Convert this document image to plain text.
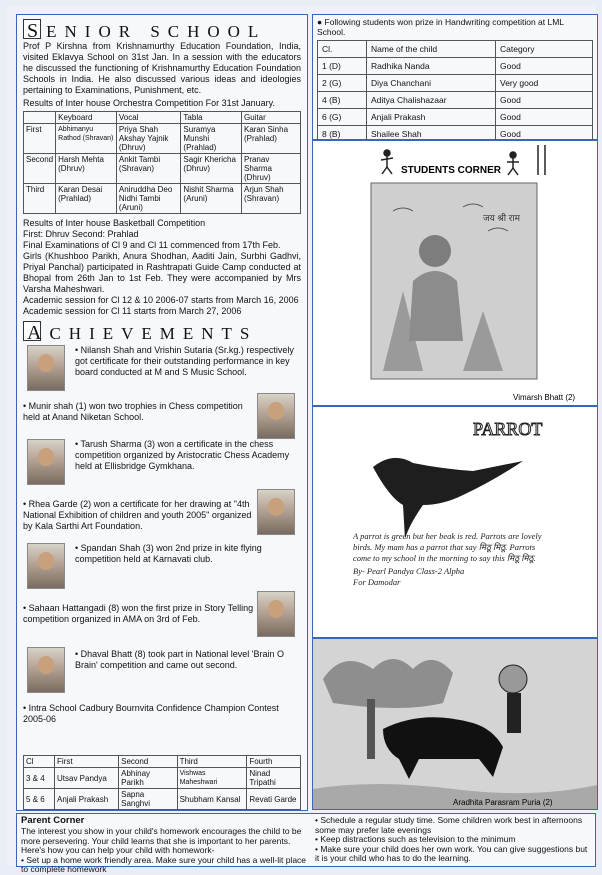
SENIOR SCHOOL
Prof P Kirshna from Krishnamurthy Education Foundation, India, visited Eklavya School on 31st Jan. In a session with the educators he discussed the functioning of Krishnamurthy Education Foundation Schools in India. He also discussed various ideas and ideologies pertaining to Examinations, Punishment, etc.
Results of Inter house Orchestra Competition For 31st January.
	Keyboard	Vocal	Tabla	Guitar
First	Abhimanyu Rathod (Shravan)	Priya Shah Akshay Yajnik (Dhruv)	Suramya Munshi (Prahlad)	Karan Sinha (Prahlad)
Second	Harsh Mehta (Dhruv)	Ankit Tambi (Shravan)	Sagir Khericha (Dhruv)	Pranav Sharma (Dhruv)
Third	Karan Desai (Prahlad)	Aniruddha Deo Nidhi Tambi (Aruni)	Nishit Sharma (Aruni)	Arjun Shah (Shravan)
Results of Inter house Basketball Competition
First: Dhruv Second: Prahlad
Final Examinations of Cl 9 and Cl 11 commenced from 17th Feb.
Girls (Khushboo Parikh, Anura Shodhan, Aaditi Jain, Surbhi Gadhvi, Priyal Panchal) participated in Rashtrapati Guide Camp conducted at Bhopal from 26th Jan to 1st Feb. They were accompanied by Mrs Varsha Maheshwari.
Academic session for Cl 12 & 10 2006-07 starts from March 16, 2006
Academic session for Cl 11 starts from March 27, 2006
ACHIEVEMENTS
• Nilansh Shah and Vrishin Sutaria (Sr.kg.) respectively got certificate for their outstanding performance in key board conducted at M and S Music School.
• Munir shah (1) won two trophies in Chess competition held at Anand Niketan School.
• Tarush Sharma (3) won a certificate in the chess competition organized by Aristocratic Chess Academy held at Ellisbridge Gymkhana.
• Rhea Garde (2) won a certificate for her drawing at "4th National Exhibition of children and youth 2005" organized by Kala Sarthi Art Foundation.
• Spandan Shah (3) won 2nd prize in kite flying competition held at Karnavati club.
• Sahaan Hattangadi (8) won the first prize in Story Telling competition organized in AMA on 3rd of Feb.
• Dhaval Bhatt (8) took part in National level 'Brain O Brain' competition and came out second.
• Intra School Cadbury Bournvita Confidence Champion Contest 2005-06
Cl	First	Second	Third	Fourth
3 & 4	Utsav Pandya	Abhinay Parikh	Vishwas Maheshwari	Ninad Tripathi
5 & 6	Anjali Prakash	Sapna Sanghvi	Shubham Kansal	Revati Garde

● Following students won prize in Handwriting competition at LML School.
Cl.	Name of the child	Category
1 (D)	Radhika Nanda	Good
2 (G)	Diya Chanchani	Very good
4 (B)	Aditya Chalishazaar	Good
6 (G)	Anjali Prakash	Good
8 (B)	Shailee Shah	Good
STUDENTS CORNER
जय श्री राम
Vimarsh Bhatt (2)
PARROT
A parrot is green but her beak is red. Parrots are lovely birds. My mam has a parrot that say मिठू मिठू. Parrots come to my school in the morning to say this मिठू मिठू.
By- Pearl Pandya Class-2 Alpha
For Damodar
Aradhita Parasram Puria (2)
Parent Corner
The interest you show in your child's homework encourages the child to be more persevering. Your child learns that she is important to her parents. Here's how you can help your child with homework-
• Set up a home work friendly area. Make sure your child has a well-lit place to complete homework
• Schedule a regular study time. Some children work best in afternoons some may prefer late evenings
• Keep distractions such as television to the minimum
• Make sure your child does her own work. You can give suggestions but it is your child who has to do the learning.
